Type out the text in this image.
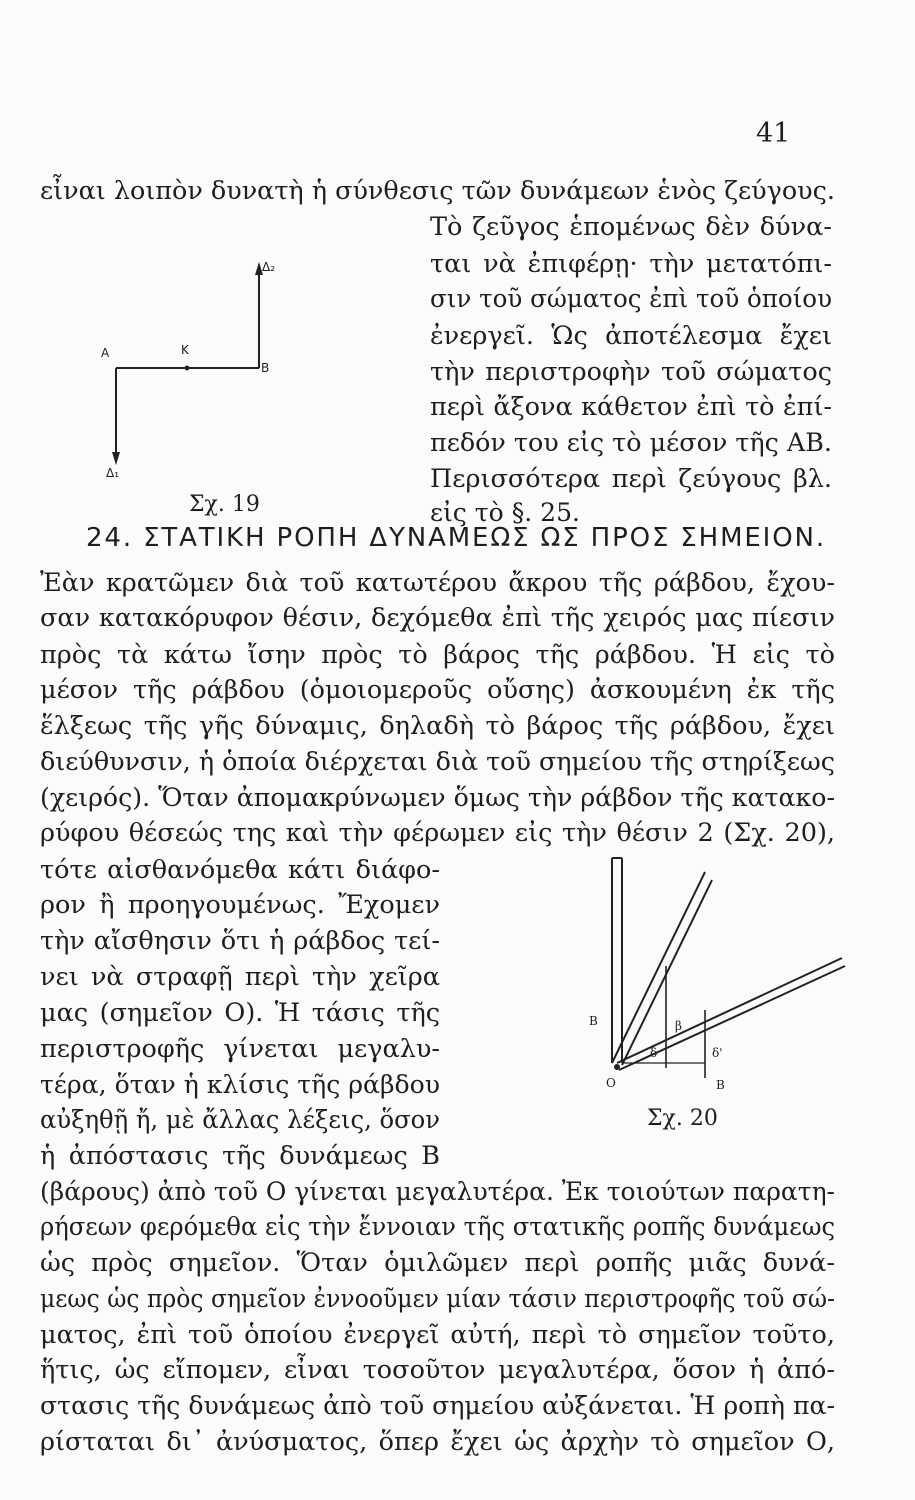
41
εἶναι λοιπὸν δυνατὴ ἡ σύνθεσις τῶν δυνάμεων ἑνὸς ζεύγους.
Τὸ ζεῦγος ἑπομένως δὲν δύνα-
ται νὰ ἐπιφέρῃ· τὴν μετατόπι-
σιν τοῦ σώματος ἐπὶ τοῦ ὁποίου
ἐνεργεῖ. Ὡς ἀποτέλεσμα ἔχει
τὴν περιστροφὴν τοῦ σώματος
περὶ ἄξονα κάθετον ἐπὶ τὸ ἐπί-
πεδόν του εἰς τὸ μέσον τῆς ΑΒ.
Περισσότερα περὶ ζεύγους βλ.
εἰς τὸ §. 25.
Ἐὰν κρατῶμεν διὰ τοῦ κατωτέρου ἄκρου τῆς ράβδου, ἔχου-
σαν κατακόρυφον θέσιν, δεχόμεθα ἐπὶ τῆς χειρός μας πίεσιν
πρὸς τὰ κάτω ἴσην πρὸς τὸ βάρος τῆς ράβδου. Ἡ εἰς τὸ
μέσον τῆς ράβδου (ὁμοιομεροῦς οὔσης) ἀσκουμένη ἐκ τῆς
ἕλξεως τῆς γῆς δύναμις, δηλαδὴ τὸ βάρος τῆς ράβδου, ἔχει
διεύθυνσιν, ἡ ὁποία διέρχεται διὰ τοῦ σημείου τῆς στηρίξεως
(χειρός). Ὅταν ἀπομακρύνωμεν ὅμως τὴν ράβδον τῆς κατακο-
ρύφου θέσεώς της καὶ τὴν φέρωμεν εἰς τὴν θέσιν 2 (Σχ. 20),
τότε αἰσθανόμεθα κάτι διάφο-
ρον ἢ προηγουμένως. Ἔχομεν
τὴν αἴσθησιν ὅτι ἡ ράβδος τεί-
νει νὰ στραφῇ περὶ τὴν χεῖρα
μας (σημεῖον Ο). Ἡ τάσις τῆς
περιστροφῆς γίνεται μεγαλυ-
τέρα, ὅταν ἡ κλίσις τῆς ράβδου
αὐξηθῇ ἤ, μὲ ἄλλας λέξεις, ὅσον
ἡ ἀπόστασις τῆς δυνάμεως Β
(βάρους) ἀπὸ τοῦ Ο γίνεται μεγαλυτέρα. Ἐκ τοιούτων παρατη-
ρήσεων φερόμεθα εἰς τὴν ἔννοιαν τῆς στατικῆς ροπῆς δυνάμεως
ὡς πρὸς σημεῖον. Ὅταν ὁμιλῶμεν περὶ ροπῆς μιᾶς δυνά-
μεως ὡς πρὸς σημεῖον ἐννοοῦμεν μίαν τάσιν περιστροφῆς τοῦ σώ-
ματος, ἐπὶ τοῦ ὁποίου ἐνεργεῖ αὐτή, περὶ τὸ σημεῖον τοῦτο,
ἥτις, ὡς εἴπομεν, εἶναι τοσοῦτον μεγαλυτέρα, ὅσον ἡ ἀπό-
στασις τῆς δυνάμεως ἀπὸ τοῦ σημείου αὐξάνεται. Ἡ ροπὴ πα-
ρίσταται δι᾽ ἀνύσματος, ὅπερ ἔχει ὡς ἀρχὴν τὸ σημεῖον Ο,
24. ΣΤΑΤΙΚΗ ΡΟΠΗ ΔΥΝΑΜΕΩΣ ΩΣ ΠΡΟΣ ΣΗΜΕΙΟΝ.
A	K
B
Δ₂
Δ₁
Σχ. 19
B	β
δ	δ'
O	B
Σχ. 20
